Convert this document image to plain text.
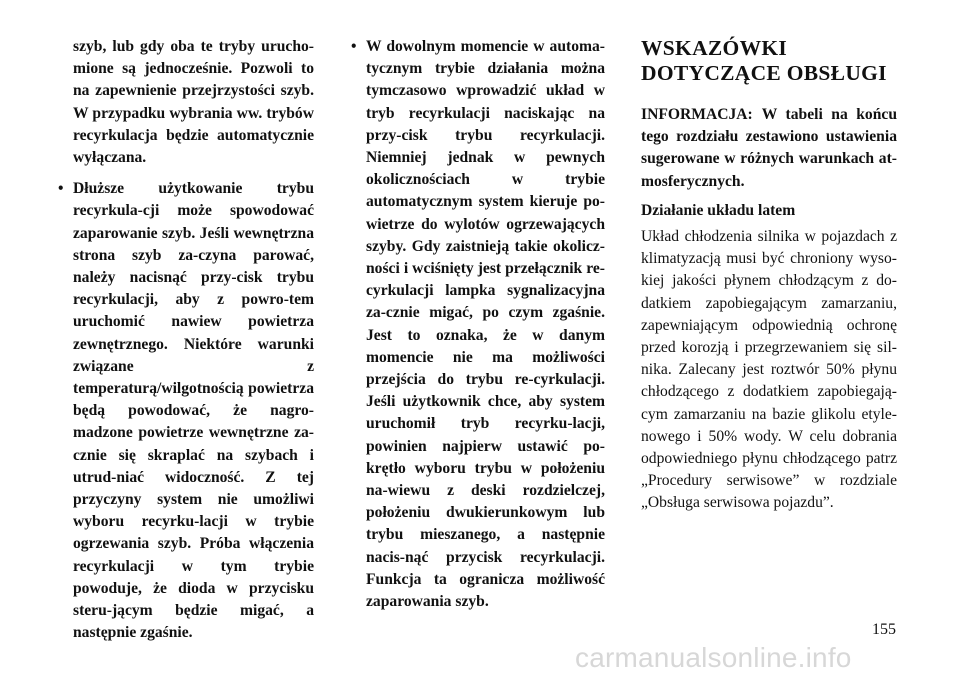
szyb, lub gdy oba te tryby urucho-mione są jednocześnie. Pozwoli to na zapewnienie przejrzystości szyb. W przypadku wybrania ww. trybów recyrkulacja będzie automatycznie wyłączana.

• Dłuższe użytkowanie trybu recyrkula-cji może spowodować zaparowanie szyb. Jeśli wewnętrzna strona szyb za-czyna parować, należy nacisnąć przy-cisk trybu recyrkulacji, aby z powro-tem uruchomić nawiew powietrza zewnętrznego. Niektóre warunki związane z temperaturą/wilgotnością powietrza będą powodować, że nagro-madzone powietrze wewnętrzne za-cznie się skraplać na szybach i utrud-niać widoczność. Z tej przyczyny system nie umożliwi wyboru recyrku-lacji w trybie ogrzewania szyb. Próba włączenia recyrkulacji w tym trybie powoduje, że dioda w przycisku steru-jącym będzie migać, a następnie zgaśnie.

• W dowolnym momencie w automa-tycznym trybie działania można tymczasowo wprowadzić układ w tryb recyrkulacji naciskając na przy-cisk trybu recyrkulacji. Niemniej jednak w pewnych okolicznościach w trybie automatycznym system kieruje po-wietrze do wylotów ogrzewających szyby. Gdy zaistnieją takie okolicz-ności i wciśnięty jest przełącznik re-cyrkulacji lampka sygnalizacyjna za-cznie migać, po czym zgaśnie. Jest to oznaka, że w danym momencie nie ma możliwości przejścia do trybu re-cyrkulacji. Jeśli użytkownik chce, aby system uruchomił tryb recyrku-lacji, powinien najpierw ustawić po-krętło wyboru trybu w położeniu na-wiewu z deski rozdzielczej, położeniu dwukierunkowym lub trybu mieszanego, a następnie nacis-nąć przycisk recyrkulacji. Funkcja ta ogranicza możliwość zaparowania szyb.

WSKAZÓWKI
DOTYCZĄCE OBSŁUGI

INFORMACJA: W tabeli na końcu tego rozdziału zestawiono ustawienia sugerowane w różnych warunkach at-mosferycznych.

Działanie układu latem

Układ chłodzenia silnika w pojazdach z klimatyzacją musi być chroniony wyso-kiej jakości płynem chłodzącym z do-datkiem zapobiegającym zamarzaniu, zapewniającym odpowiednią ochronę przed korozją i przegrzewaniem się sil-nika. Zalecany jest roztwór 50% płynu chłodzącego z dodatkiem zapobiegają-cym zamarzaniu na bazie glikolu etyle-nowego i 50% wody. W celu dobrania odpowiedniego płynu chłodzącego patrz „Procedury serwisowe” w rozdziale „Obsługa serwisowa pojazdu”.

155
carmanualsonline.info
